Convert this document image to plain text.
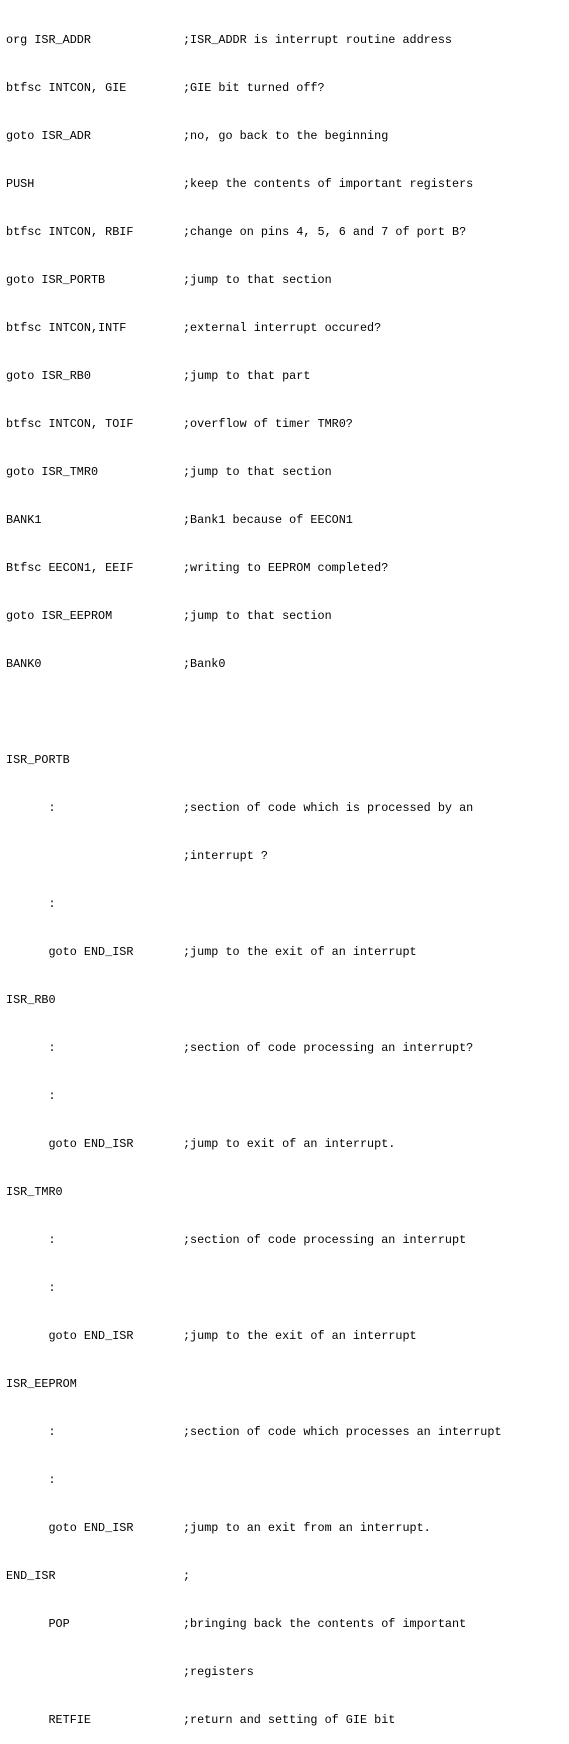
org ISR_ADDR             ;ISR_ADDR is interrupt routine address

btfsc INTCON, GIE        ;GIE bit turned off?

goto ISR_ADR             ;no, go back to the beginning

PUSH                     ;keep the contents of important registers

btfsc INTCON, RBIF       ;change on pins 4, 5, 6 and 7 of port B?

goto ISR_PORTB           ;jump to that section

btfsc INTCON,INTF        ;external interrupt occured?

goto ISR_RB0             ;jump to that part

btfsc INTCON, TOIF       ;overflow of timer TMR0?

goto ISR_TMR0            ;jump to that section

BANK1                    ;Bank1 because of EECON1

Btfsc EECON1, EEIF       ;writing to EEPROM completed?

goto ISR_EEPROM          ;jump to that section

BANK0                    ;Bank0

ISR_PORTB

:                  ;section of code which is processed by an

;interrupt ?

:

goto END_ISR       ;jump to the exit of an interrupt

ISR_RB0

:                  ;section of code processing an interrupt?

:

goto END_ISR       ;jump to exit of an interrupt.

ISR_TMR0

:                  ;section of code processing an interrupt

:

goto END_ISR       ;jump to the exit of an interrupt

ISR_EEPROM

:                  ;section of code which processes an interrupt

:

goto END_ISR       ;jump to an exit from an interrupt.

END_ISR                  ;

POP                ;bringing back the contents of important

;registers

RETFIE             ;return and setting of GIE bit
